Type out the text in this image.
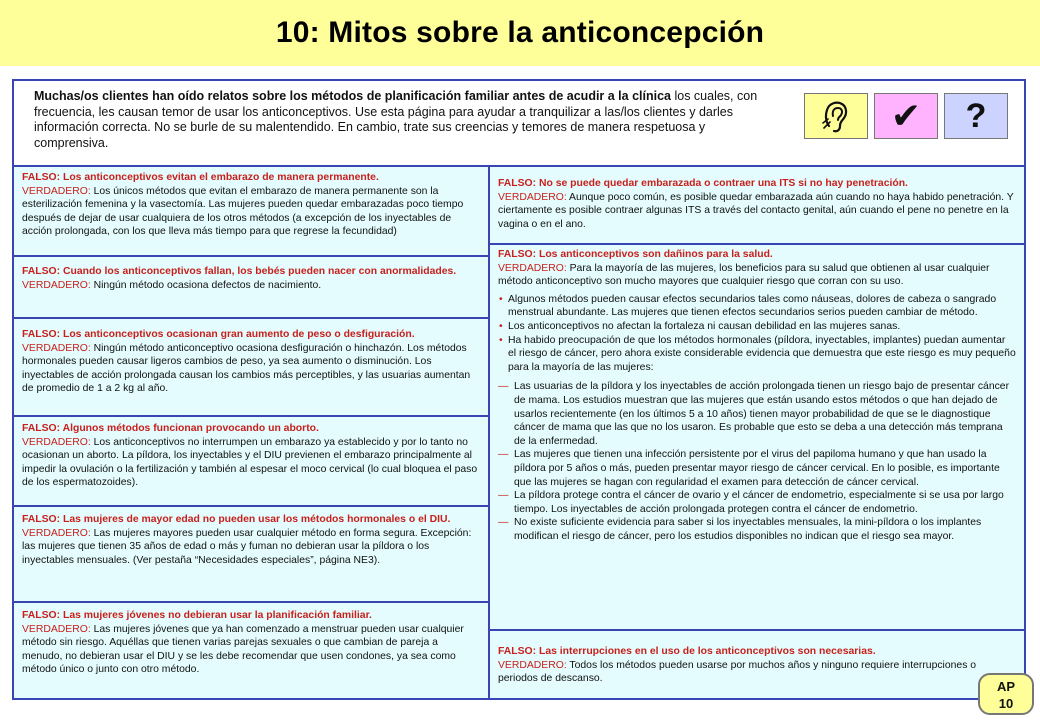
10: Mitos sobre la anticoncepción

Muchas/os clientes han oído relatos sobre los métodos de planificación familiar antes de acudir a la clínica los cuales, con frecuencia, les causan temor de usar los anticonceptivos. Use esta página para ayudar a tranquilizar a las/los clientes y darles información correcta. No se burle de su malentendido. En cambio, trate sus creencias y temores de manera respetuosa y comprensiva.

✔ ?
FALSO: Los anticonceptivos evitan el embarazo de manera permanente.
VERDADERO: Los únicos métodos que evitan el embarazo de manera permanente son la esterilización femenina y la vasectomía. Las mujeres pueden quedar embarazadas poco tiempo después de dejar de usar cualquiera de los otros métodos (a excepción de los inyectables de acción prolongada, con los que lleva más tiempo para que regrese la fecundidad)
FALSO: Cuando los anticonceptivos fallan, los bebés pueden nacer con anormalidades.
VERDADERO: Ningún método ocasiona defectos de nacimiento.
FALSO: Los anticonceptivos ocasionan gran aumento de peso o desfiguración.
VERDADERO: Ningún método anticonceptivo ocasiona desfiguración o hinchazón. Los métodos hormonales pueden causar ligeros cambios de peso, ya sea aumento o disminución. Los inyectables de acción prolongada causan los cambios más perceptibles, y las usuarias aumentan de promedio de 1 a 2 kg al año.
FALSO: Algunos métodos funcionan provocando un aborto.
VERDADERO: Los anticonceptivos no interrumpen un embarazo ya establecido y por lo tanto no ocasionan un aborto. La píldora, los inyectables y el DIU previenen el embarazo principalmente al impedir la ovulación o la fertilización y también al espesar el moco cervical (lo cual bloquea el paso de los espermatozoides).
FALSO: Las mujeres de mayor edad no pueden usar los métodos hormonales o el DIU.
VERDADERO: Las mujeres mayores pueden usar cualquier método en forma segura. Excepción: las mujeres que tienen 35 años de edad o más y fuman no debieran usar la píldora o los inyectables mensuales. (Ver pestaña “Necesidades especiales”, página NE3).
FALSO: Las mujeres jóvenes no debieran usar la planificación familiar.
VERDADERO: Las mujeres jóvenes que ya han comenzado a menstruar pueden usar cualquier método sin riesgo. Aquéllas que tienen varias parejas sexuales o que cambian de pareja a menudo, no debieran usar el DIU y se les debe recomendar que usen condones, ya sea como método único o junto con otro método.
FALSO: No se puede quedar embarazada o contraer una ITS si no hay penetración.
VERDADERO: Aunque poco común, es posible quedar embarazada aún cuando no haya habido penetración. Y ciertamente es posible contraer algunas ITS a través del contacto genital, aún cuando el pene no penetre en la vagina o en el ano.
FALSO: Los anticonceptivos son dañinos para la salud.
VERDADERO: Para la mayoría de las mujeres, los beneficios para su salud que obtienen al usar cualquier método anticonceptivo son mucho mayores que cualquier riesgo que corran con su uso.
• Algunos métodos pueden causar efectos secundarios tales como náuseas, dolores de cabeza o sangrado menstrual abundante. Las mujeres que tienen efectos secundarios serios pueden cambiar de método.
• Los anticonceptivos no afectan la fortaleza ni causan debilidad en las mujeres sanas.
• Ha habido preocupación de que los métodos hormonales (píldora, inyectables, implantes) puedan aumentar el riesgo de cáncer, pero ahora existe considerable evidencia que demuestra que este riesgo es muy pequeño para la mayoría de las mujeres:
— Las usuarias de la píldora y los inyectables de acción prolongada tienen un riesgo bajo de presentar cáncer de mama. Los estudios muestran que las mujeres que están usando estos métodos o que han dejado de usarlos recientemente (en los últimos 5 a 10 años) tienen mayor probabilidad de que se le diagnostique cáncer de mama que las que no los usaron. Es probable que esto se deba a una detección más temprana de la enfermedad.
— Las mujeres que tienen una infección persistente por el virus del papiloma humano y que han usado la píldora por 5 años o más, pueden presentar mayor riesgo de cáncer cervical. En lo posible, es importante que las mujeres se hagan con regularidad el examen para detección de cáncer cervical.
— La píldora protege contra el cáncer de ovario y el cáncer de endometrio, especialmente si se usa por largo tiempo. Los inyectables de acción prolongada protegen contra el cáncer de endometrio.
— No existe suficiente evidencia para saber si los inyectables mensuales, la mini-píldora o los implantes modifican el riesgo de cáncer, pero los estudios disponibles no indican que el riesgo sea mayor.
FALSO: Las interrupciones en el uso de los anticonceptivos son necesarias.
VERDADERO: Todos los métodos pueden usarse por muchos años y ninguno requiere interrupciones o periodos de descanso.
AP
10
